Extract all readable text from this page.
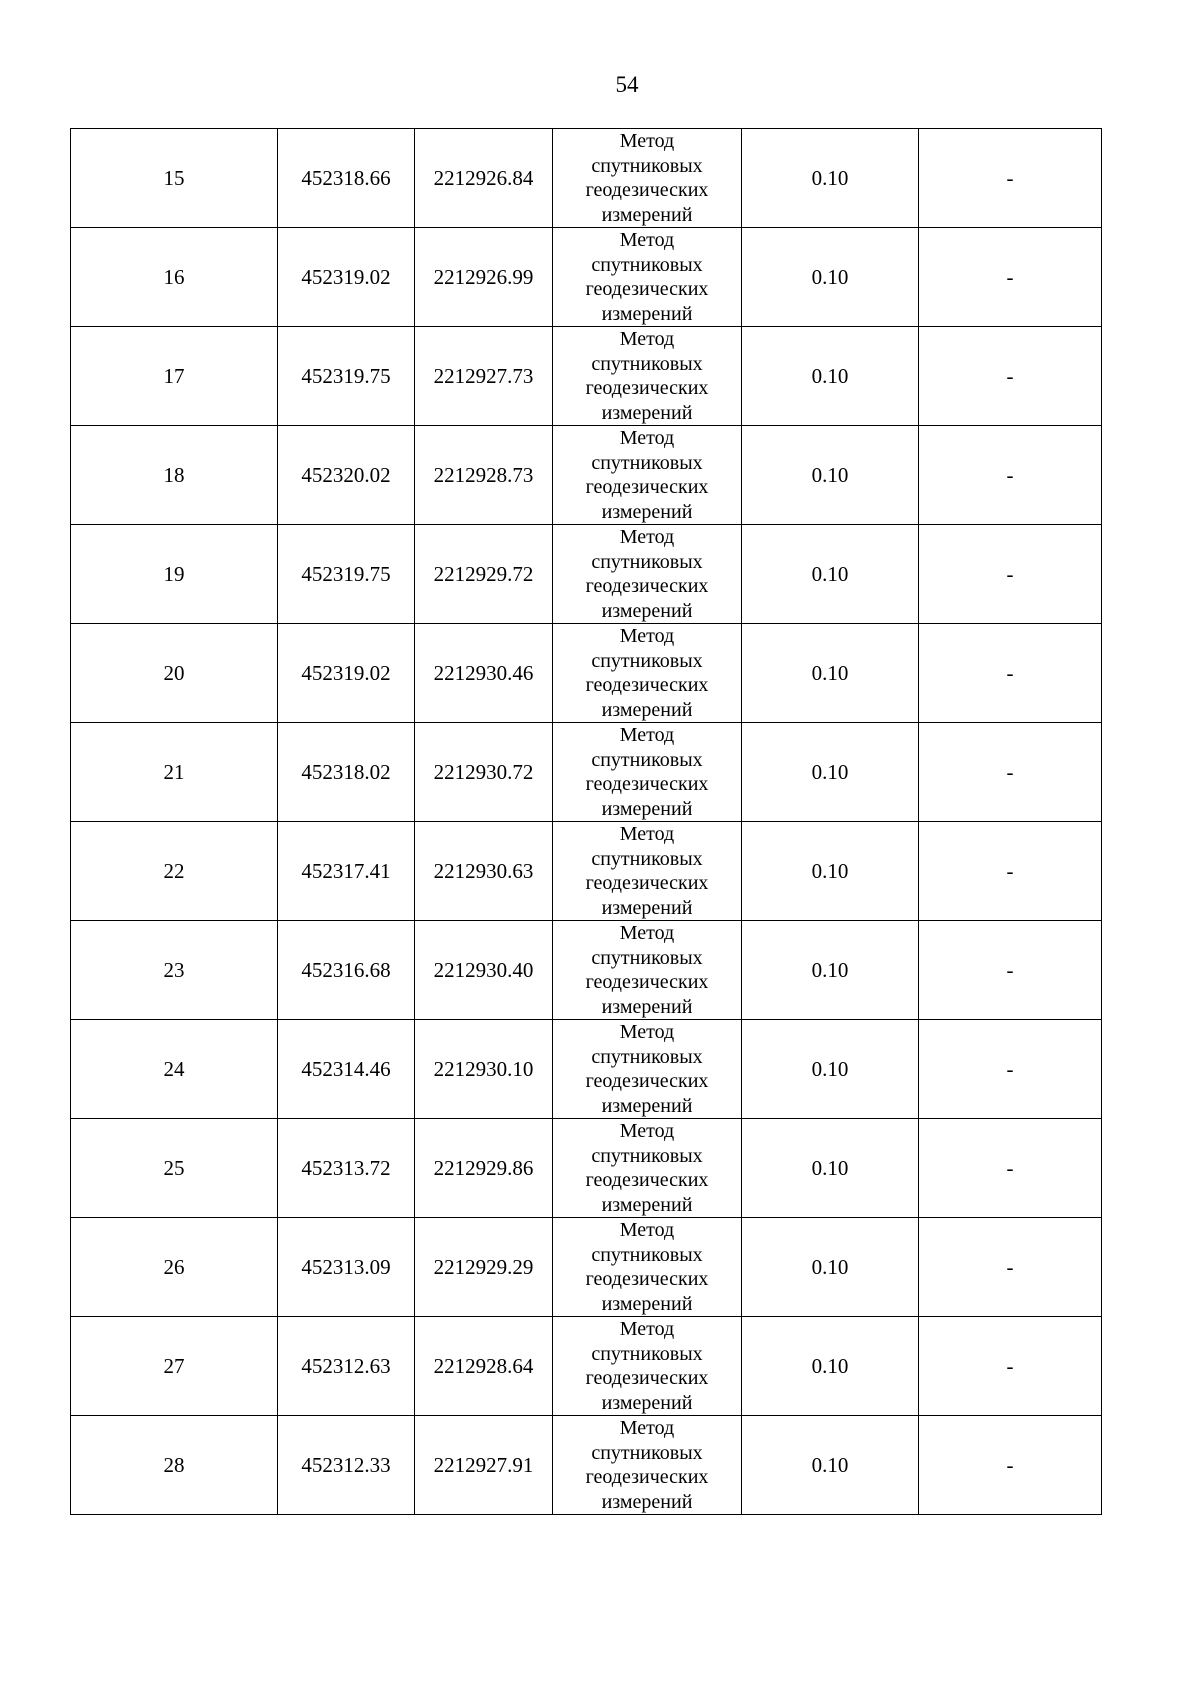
54
15	452318.66	2212926.84	Метод
спутниковых
геодезических
измерений	0.10	-
16	452319.02	2212926.99	Метод
спутниковых
геодезических
измерений	0.10	-
17	452319.75	2212927.73	Метод
спутниковых
геодезических
измерений	0.10	-
18	452320.02	2212928.73	Метод
спутниковых
геодезических
измерений	0.10	-
19	452319.75	2212929.72	Метод
спутниковых
геодезических
измерений	0.10	-
20	452319.02	2212930.46	Метод
спутниковых
геодезических
измерений	0.10	-
21	452318.02	2212930.72	Метод
спутниковых
геодезических
измерений	0.10	-
22	452317.41	2212930.63	Метод
спутниковых
геодезических
измерений	0.10	-
23	452316.68	2212930.40	Метод
спутниковых
геодезических
измерений	0.10	-
24	452314.46	2212930.10	Метод
спутниковых
геодезических
измерений	0.10	-
25	452313.72	2212929.86	Метод
спутниковых
геодезических
измерений	0.10	-
26	452313.09	2212929.29	Метод
спутниковых
геодезических
измерений	0.10	-
27	452312.63	2212928.64	Метод
спутниковых
геодезических
измерений	0.10	-
28	452312.33	2212927.91	Метод
спутниковых
геодезических
измерений	0.10	-
